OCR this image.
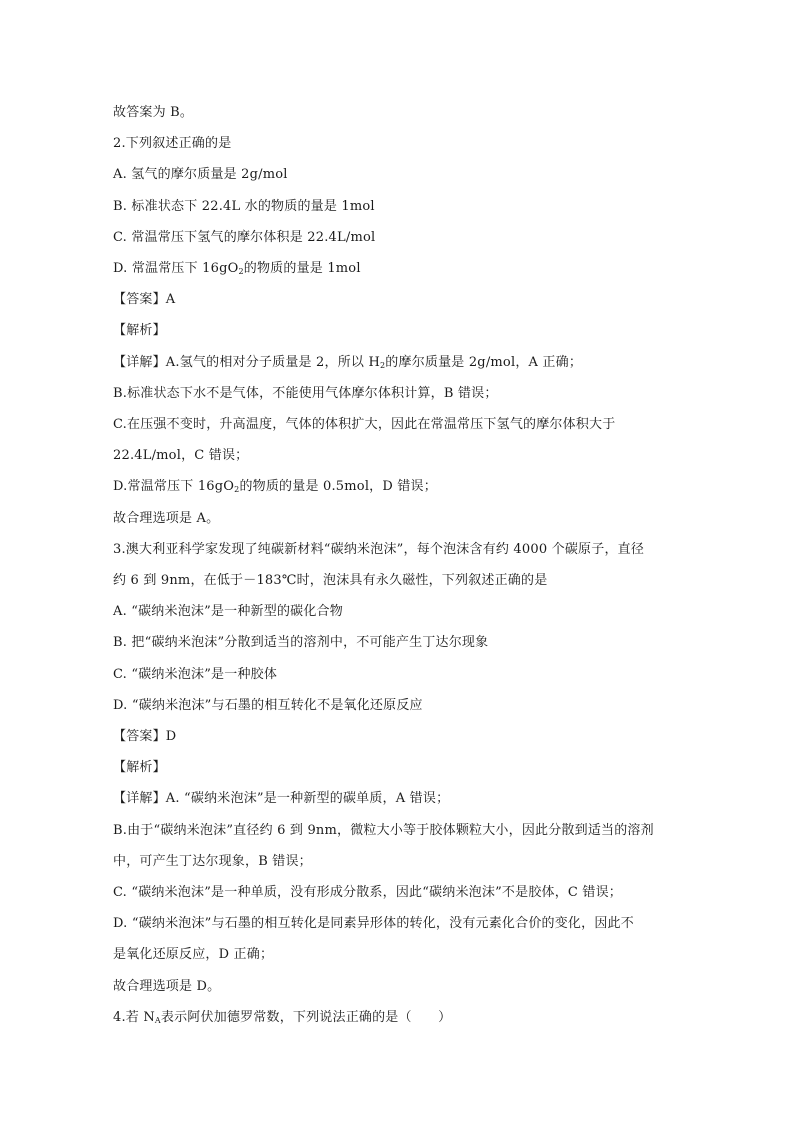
故答案为 B。
2.下列叙述正确的是
A. 氢气的摩尔质量是 2g/mol
B. 标准状态下 22.4L 水的物质的量是 1mol
C. 常温常压下氢气的摩尔体积是 22.4L/mol
D. 常温常压下 $16gO_2$的物质的量是 1mol
【答案】A
【解析】
【详解】A.氢气的相对分子质量是 2，所以 $H_2$的摩尔质量是 2g/mol，A 正确；
B.标准状态下水不是气体，不能使用气体摩尔体积计算，B 错误；
C.在压强不变时，升高温度，气体的体积扩大，因此在常温常压下氢气的摩尔体积大于
22.4L/mol，C 错误；
D.常温常压下 $16gO_2$的物质的量是 0.5mol，D 错误；
故合理选项是 A。
3.澳大利亚科学家发现了纯碳新材料“碳纳米泡沫”，每个泡沫含有约 4000 个碳原子，直径
约 6 到 9nm，在低于－183℃时，泡沫具有永久磁性，下列叙述正确的是
A. “碳纳米泡沫”是一种新型的碳化合物
B. 把“碳纳米泡沫”分散到适当的溶剂中，不可能产生丁达尔现象
C. “碳纳米泡沫”是一种胶体
D. “碳纳米泡沫”与石墨的相互转化不是氧化还原反应
【答案】D
【解析】
【详解】A. “碳纳米泡沫”是一种新型的碳单质，A 错误；
B.由于“碳纳米泡沫”直径约 6 到 9nm，微粒大小等于胶体颗粒大小，因此分散到适当的溶剂
中，可产生丁达尔现象，B 错误；
C. “碳纳米泡沫”是一种单质，没有形成分散系，因此“碳纳米泡沫”不是胶体，C 错误；
D. “碳纳米泡沫”与石墨的相互转化是同素异形体的转化，没有元素化合价的变化，因此不
是氧化还原反应，D 正确；
故合理选项是 D。
4.若 $N_A$表示阿伏加德罗常数，下列说法正确的是（　　）
